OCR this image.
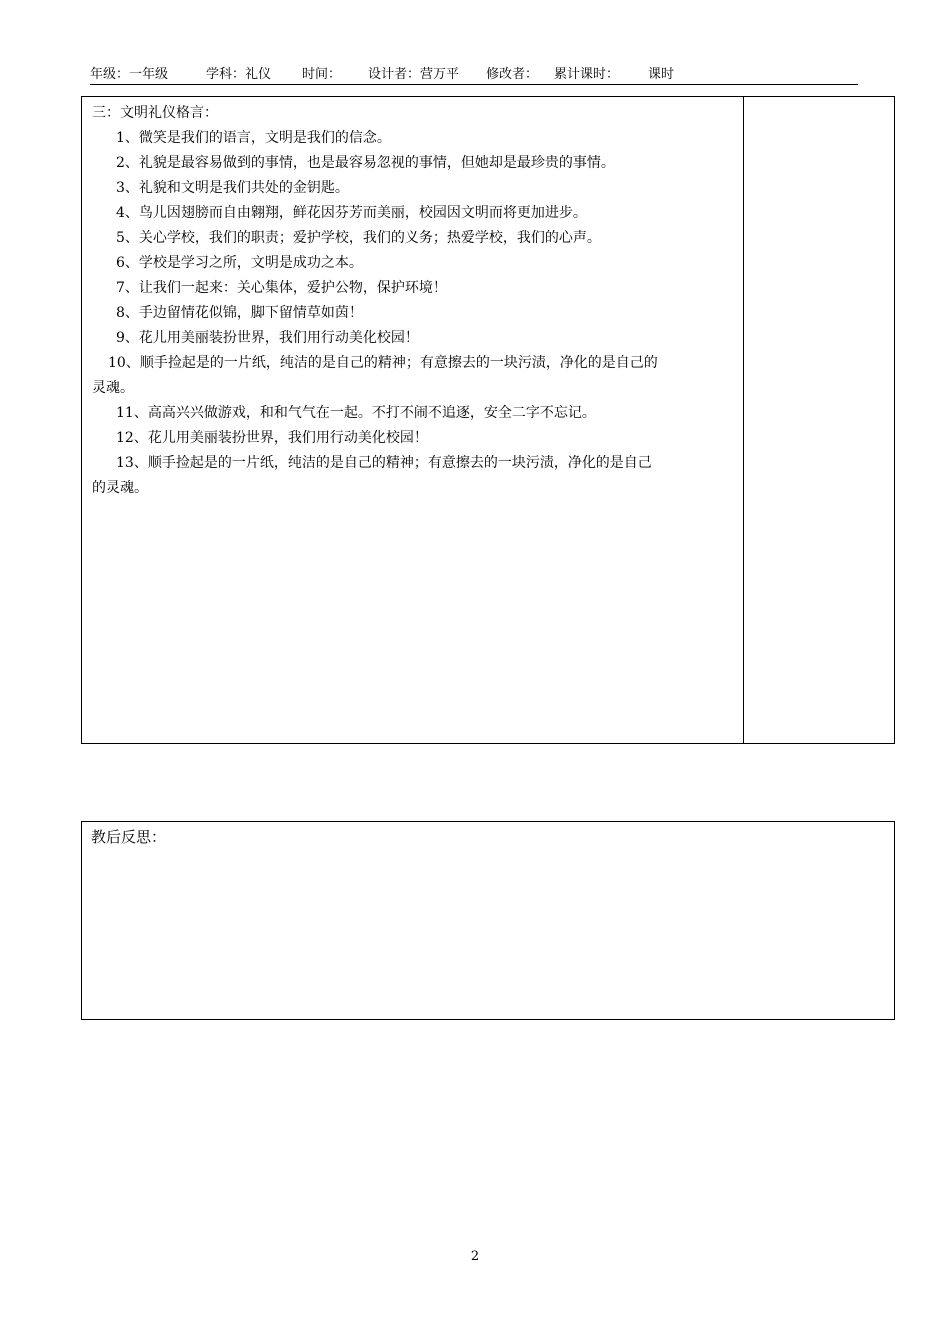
年级：一年级	学科：礼仪 时间： 设计者：营万平 修改者： 累计课时： 课时
三：文明礼仪格言：
1、微笑是我们的语言，文明是我们的信念。
2、礼貌是最容易做到的事情，也是最容易忽视的事情，但她却是最珍贵的事情。
3、礼貌和文明是我们共处的金钥匙。
4、鸟儿因翅膀而自由翱翔，鲜花因芬芳而美丽，校园因文明而将更加进步。
5、关心学校，我们的职责；爱护学校，我们的义务；热爱学校，我们的心声。
6、学校是学习之所，文明是成功之本。
7、让我们一起来：关心集体，爱护公物，保护环境！
8、手边留情花似锦，脚下留情草如茵！
9、花儿用美丽装扮世界，我们用行动美化校园！
10、顺手捡起是的一片纸，纯洁的是自己的精神；有意擦去的一块污渍，净化的是自己的
灵魂。
11、高高兴兴做游戏，和和气气在一起。不打不闹不追逐，安全二字不忘记。
12、花儿用美丽装扮世界，我们用行动美化校园！
13、顺手捡起是的一片纸，纯洁的是自己的精神；有意擦去的一块污渍，净化的是自己
的灵魂。
教后反思：
2
